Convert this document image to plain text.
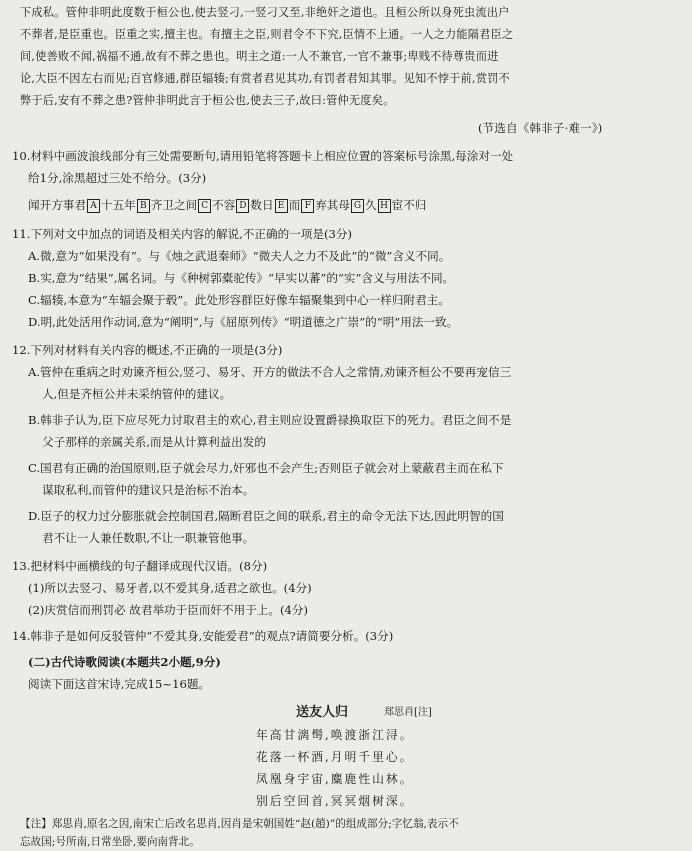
下成私。管仲非明此度数于桓公也,使去竖刁,一竖刁又至,非绝奸之道也。且桓公所以身死虫流出户
不葬者,是臣重也。臣重之实,擅主也。有擅主之臣,则君令不下究,臣情不上通。一人之力能隔君臣之
间,使善败不闻,祸福不通,故有不葬之患也。明主之道:一人不兼官,一官不兼事;卑贱不待尊贵而进
论,大臣不因左右而见;百官修通,群臣辐辏;有赏者君见其功,有罚者君知其罪。见知不悖于前,赏罚不
弊于后,安有不葬之患?管仲非明此言于桓公也,使去三子,故曰:管仲无度矣。
(节选自《韩非子·难一》)
10.材料中画波浪线部分有三处需要断句,请用铅笔将答题卡上相应位置的答案标号涂黑,每涂对一处
给1分,涂黑超过三处不给分。(3分)
闻开方事君 A 十五年 B 齐卫之间 C 不容 D 数日 E 而 F 弃其母 G 久 H 宦不归
11.下列对文中加点的词语及相关内容的解说,不正确的一项是(3分)
A.微,意为“如果没有”。与《烛之武退秦师》“微夫人之力不及此”的“微”含义不同。
B.实,意为“结果”,属名词。与《种树郭橐驼传》“早实以蕃”的“实”含义与用法不同。
C.辐辏,本意为“车辐会聚于毂”。此处形容群臣好像车辐聚集到中心一样归附君主。
D.明,此处活用作动词,意为“阐明”,与《屈原列传》“明道德之广崇”的“明”用法一致。
12.下列对材料有关内容的概述,不正确的一项是(3分)
A.管仲在重病之时劝谏齐桓公,竖刁、易牙、开方的做法不合人之常情,劝谏齐桓公不要再宠信三
人,但是齐桓公并未采纳管仲的建议。
B.韩非子认为,臣下应尽死力讨取君主的欢心,君主则应设置爵禄换取臣下的死力。君臣之间不是
父子那样的亲属关系,而是从计算利益出发的
C.国君有正确的治国原则,臣子就会尽力,奸邪也不会产生;否则臣子就会对上蒙蔽君主而在私下
谋取私利,而管仲的建议只是治标不治本。
D.臣子的权力过分膨胀就会控制国君,隔断君臣之间的联系,君主的命令无法下达,因此明智的国
君不让一人兼任数职,不让一职兼管他事。
13.把材料中画横线的句子翻译成现代汉语。(8分)
(1)所以去竖刁、易牙者,以不爱其身,适君之欲也。(4分)
(2)庆赏信而刑罚必 故君举功于臣而奸不用于上。(4分)
14.韩非子是如何反驳管仲“不爱其身,安能爱君”的观点?请简要分析。(3分)
(二)古代诗歌阅读(本题共2小题,9分)
阅读下面这首宋诗,完成15~16题。
送友人归	郑思肖[注]
年高甘漓髩,唤渡浙江浔。
花落一杯酒,月明千里心。
凤凰身宇宙,麋鹿性山林。
别后空回首,冥冥烟树深。
【注】郑思肖,原名之因,南宋亡后改名思肖,因肖是宋朝国姓“赵(趙)”的组成部分;字忆翁,表示不
忘故国;号所南,日常坐卧,要向南背北。
